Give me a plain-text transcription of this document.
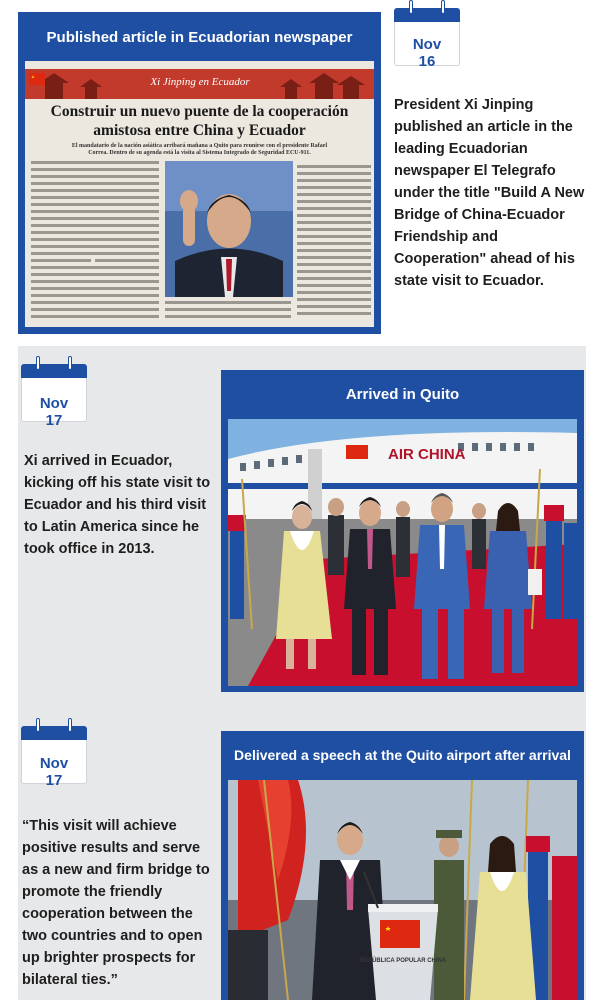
Published article in Ecuadorian newspaper
Xi Jinping en Ecuador
Construir un nuevo puente de la cooperación
amistosa entre China y Ecuador
El mandatario de la nación asiática arribará mañana a Quito para reunirse con el presidente Rafael Correa. Dentro de su agenda está la visita al Sistema Integrado de Seguridad ECU-911.
Nov
16
President Xi Jinping published an article in the leading Ecuadorian newspaper El Telegrafo under the title "Build A New Bridge of China-Ecuador Friendship and Cooperation" ahead of his state visit to Ecuador.
Nov
17
Xi arrived in Ecuador, kicking off his state visit to Ecuador and his third visit to Latin America since he took office in 2013.
Arrived in Quito
AIR CHINA
Nov
17
“This visit will achieve positive results and serve as a new and firm bridge to promote the friendly cooperation between the two countries and to open up brighter prospects for bilateral ties.”
Delivered a speech at the Quito airport after arrival
REPÚBLICA POPULAR CHINA
